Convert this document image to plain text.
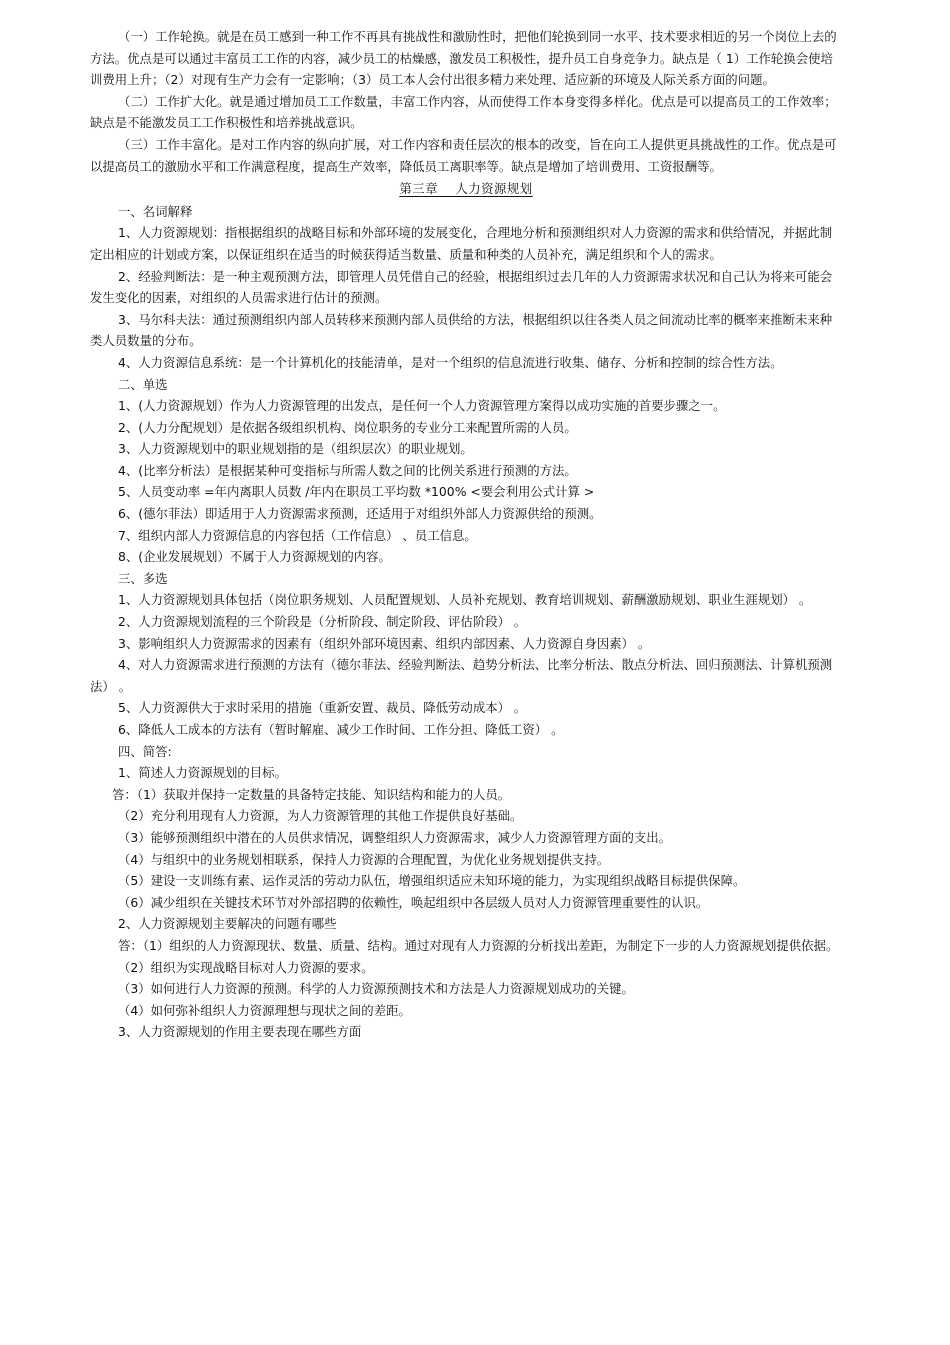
（一）工作轮换。就是在员工感到一种工作不再具有挑战性和激励性时，把他们轮换到同一水平、技术要求相近的另一个岗位上去的方法。优点是可以通过丰富员工工作的内容，减少员工的枯燥感，激发员工积极性，提升员工自身竞争力。缺点是（ 1）工作轮换会使培训费用上升；（2）对现有生产力会有一定影响；（3）员工本人会付出很多精力来处理、适应新的环境及人际关系方面的问题。

（二）工作扩大化。就是通过增加员工工作数量，丰富工作内容，从而使得工作本身变得多样化。优点是可以提高员工的工作效率；缺点是不能激发员工工作积极性和培养挑战意识。

（三）工作丰富化。是对工作内容的纵向扩展，对工作内容和责任层次的根本的改变，旨在向工人提供更具挑战性的工作。优点是可以提高员工的激励水平和工作满意程度，提高生产效率，降低员工离职率等。缺点是增加了培训费用、工资报酬等。

第三章　 人力资源规划

一、名词解释

1、人力资源规划：指根据组织的战略目标和外部环境的发展变化，合理地分析和预测组织对人力资源的需求和供给情况，并据此制定出相应的计划或方案，以保证组织在适当的时候获得适当数量、质量和种类的人员补充，满足组织和个人的需求。

2、经验判断法：是一种主观预测方法，即管理人员凭借自己的经验，根据组织过去几年的人力资源需求状况和自己认为将来可能会发生变化的因素，对组织的人员需求进行估计的预测。

3、马尔科夫法：通过预测组织内部人员转移来预测内部人员供给的方法，根据组织以往各类人员之间流动比率的概率来推断未来种类人员数量的分布。

4、人力资源信息系统：是一个计算机化的技能清单，是对一个组织的信息流进行收集、储存、分析和控制的综合性方法。

二、单选

1、(人力资源规划）作为人力资源管理的出发点，是任何一个人力资源管理方案得以成功实施的首要步骤之一。

2、(人力分配规划）是依据各级组织机构、岗位职务的专业分工来配置所需的人员。

3、人力资源规划中的职业规划指的是（组织层次）的职业规划。

4、(比率分析法）是根据某种可变指标与所需人数之间的比例关系进行预测的方法。

5、人员变动率 =年内离职人员数 /年内在职员工平均数 *100% <要会利用公式计算 >

6、(德尔菲法）即适用于人力资源需求预测，还适用于对组织外部人力资源供给的预测。

7、组织内部人力资源信息的内容包括（工作信息） 、员工信息。

8、(企业发展规划）不属于人力资源规划的内容。

三、多选

1、人力资源规划具体包括（岗位职务规划、人员配置规划、人员补充规划、教育培训规划、薪酬激励规划、职业生涯规划） 。

2、人力资源规划流程的三个阶段是（分析阶段、制定阶段、评估阶段） 。

3、影响组织人力资源需求的因素有（组织外部环境因素、组织内部因素、人力资源自身因素） 。

4、对人力资源需求进行预测的方法有（德尔菲法、经验判断法、趋势分析法、比率分析法、散点分析法、回归预测法、计算机预测法） 。

5、人力资源供大于求时采用的措施（重新安置、裁员、降低劳动成本） 。

6、降低人工成本的方法有（暂时解雇、减少工作时间、工作分担、降低工资） 。

四、简答:

1、简述人力资源规划的目标。

答：（1）获取并保持一定数量的具备特定技能、知识结构和能力的人员。

（2）充分利用现有人力资源，为人力资源管理的其他工作提供良好基础。

（3）能够预测组织中潜在的人员供求情况，调整组织人力资源需求，减少人力资源管理方面的支出。

（4）与组织中的业务规划相联系，保持人力资源的合理配置，为优化业务规划提供支持。

（5）建设一支训练有素、运作灵活的劳动力队伍，增强组织适应未知环境的能力，为实现组织战略目标提供保障。

（6）减少组织在关键技术环节对外部招聘的依赖性，唤起组织中各层级人员对人力资源管理重要性的认识。

2、人力资源规划主要解决的问题有哪些

答：（1）组织的人力资源现状、数量、质量、结构。通过对现有人力资源的分析找出差距，为制定下一步的人力资源规划提供依据。

（2）组织为实现战略目标对人力资源的要求。

（3）如何进行人力资源的预测。科学的人力资源预测技术和方法是人力资源规划成功的关键。

（4）如何弥补组织人力资源理想与现状之间的差距。

3、人力资源规划的作用主要表现在哪些方面
